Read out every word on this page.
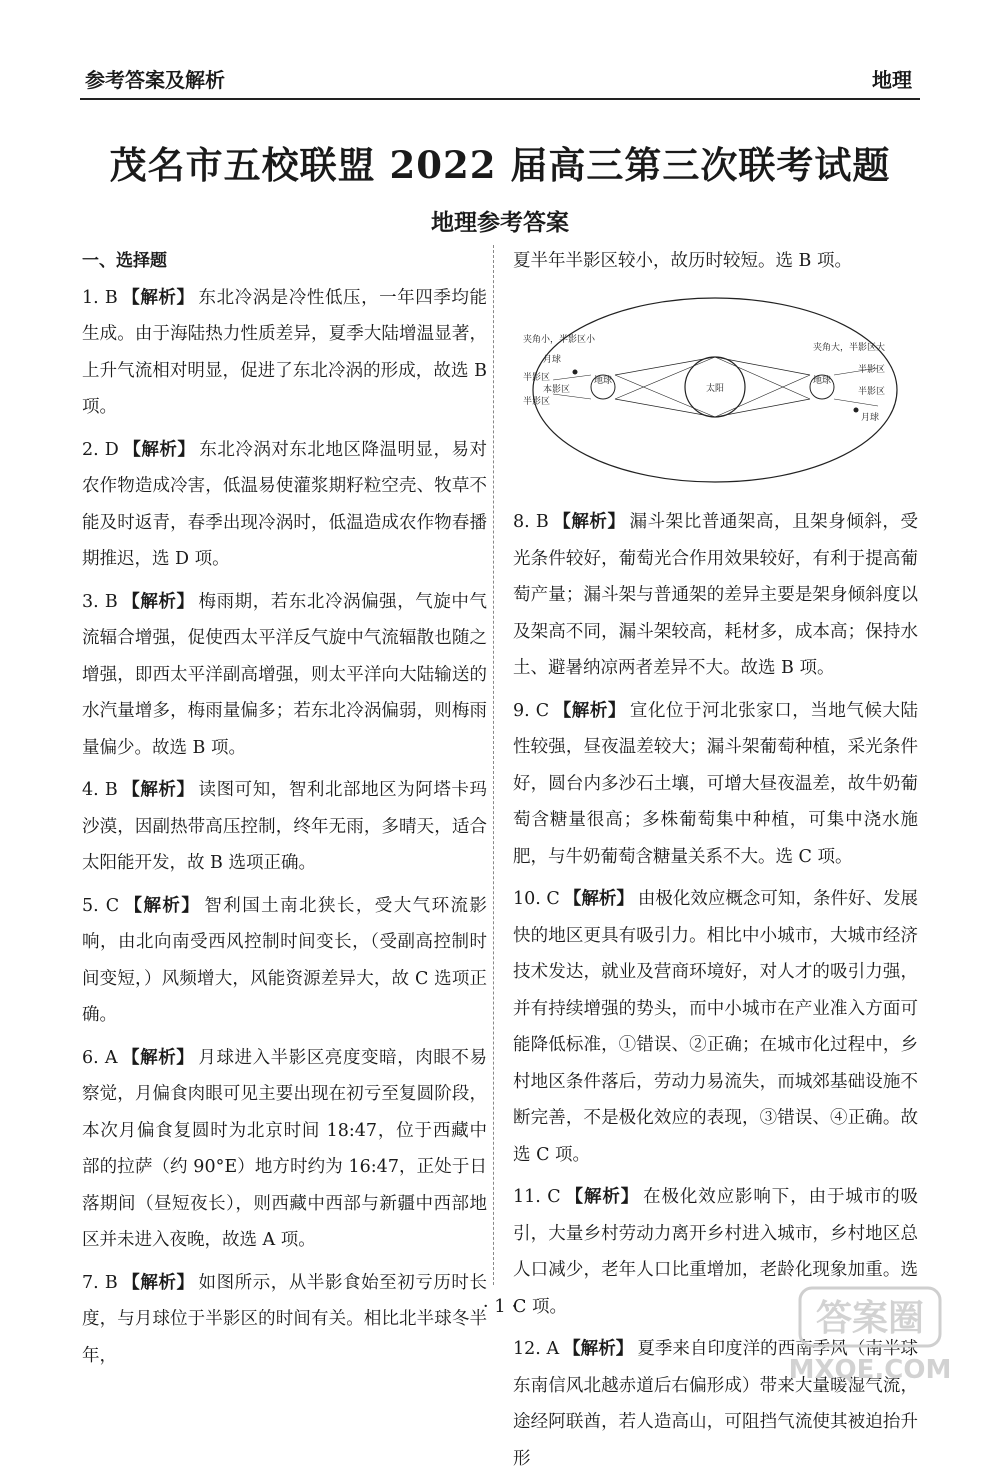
参考答案及解析	地理
茂名市五校联盟 2022 届高三第三次联考试题
地理参考答案
一、选择题
1. B 【解析】 东北冷涡是冷性低压，一年四季均能生成。由于海陆热力性质差异，夏季大陆增温显著，上升气流相对明显，促进了东北冷涡的形成，故选 B 项。
2. D 【解析】 东北冷涡对东北地区降温明显，易对农作物造成冷害，低温易使灌浆期籽粒空壳、牧草不能及时返青，春季出现冷涡时，低温造成农作物春播期推迟，选 D 项。
3. B 【解析】 梅雨期，若东北冷涡偏强，气旋中气流辐合增强，促使西太平洋反气旋中气流辐散也随之增强，即西太平洋副高增强，则太平洋向大陆输送的水汽量增多，梅雨量偏多；若东北冷涡偏弱，则梅雨量偏少。故选 B 项。
4. B 【解析】 读图可知，智利北部地区为阿塔卡玛沙漠，因副热带高压控制，终年无雨，多晴天，适合太阳能开发，故 B 选项正确。
5. C 【解析】 智利国土南北狭长，受大气环流影响，由北向南受西风控制时间变长，（受副高控制时间变短，）风频增大，风能资源差异大，故 C 选项正确。
6. A 【解析】 月球进入半影区亮度变暗，肉眼不易察觉，月偏食肉眼可见主要出现在初亏至复圆阶段，本次月偏食复圆时为北京时间 18:47，位于西藏中部的拉萨（约 90°E）地方时约为 16:47，正处于日落期间（昼短夜长），则西藏中西部与新疆中西部地区并未进入夜晚，故选 A 项。
7. B 【解析】 如图所示，从半影食始至初亏历时长度，与月球位于半影区的时间有关。相比北半球冬半年，
夏半年半影区较小，故历时较短。选 B 项。
太阳
地球	地球
夹角小，半影区小
月球
半影区
本影区
半影区
夹角大，半影区大
半影区
半影区
月球
8. B 【解析】 漏斗架比普通架高，且架身倾斜，受光条件较好，葡萄光合作用效果较好，有利于提高葡萄产量；漏斗架与普通架的差异主要是架身倾斜度以及架高不同，漏斗架较高，耗材多，成本高；保持水土、避暑纳凉两者差异不大。故选 B 项。
9. C 【解析】 宣化位于河北张家口，当地气候大陆性较强，昼夜温差较大；漏斗架葡萄种植，采光条件好，圆台内多沙石土壤，可增大昼夜温差，故牛奶葡萄含糖量很高；多株葡萄集中种植，可集中浇水施肥，与牛奶葡萄含糖量关系不大。选 C 项。
10. C 【解析】 由极化效应概念可知，条件好、发展快的地区更具有吸引力。相比中小城市，大城市经济技术发达，就业及营商环境好，对人才的吸引力强，并有持续增强的势头，而中小城市在产业准入方面可能降低标准，①错误、②正确；在城市化过程中，乡村地区条件落后，劳动力易流失，而城郊基础设施不断完善，不是极化效应的表现，③错误、④正确。故选 C 项。
11. C 【解析】 在极化效应影响下，由于城市的吸引，大量乡村劳动力离开乡村进入城市，乡村地区总人口减少，老年人口比重增加，老龄化现象加重。选 C 项。
12. A 【解析】 夏季来自印度洋的西南季风（南半球东南信风北越赤道后右偏形成）带来大量暖湿气流，途经阿联酋，若人造高山，可阻挡气流使其被迫抬升形
· 1 ·	答案圈
MXQE.COM
